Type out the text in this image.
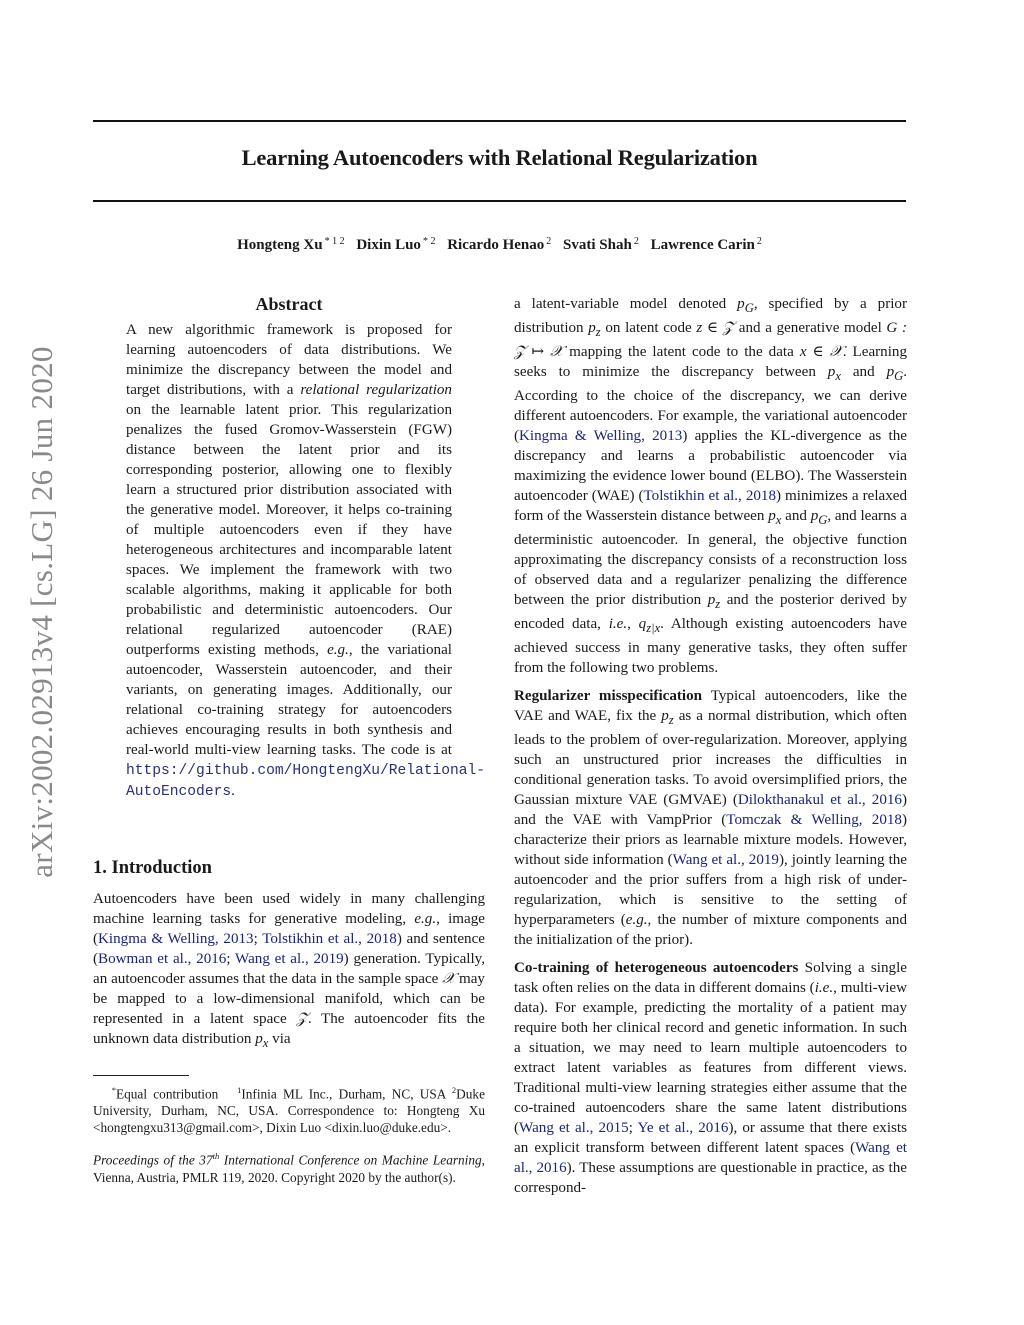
Learning Autoencoders with Relational Regularization
Hongteng Xu $^{* 1 2}$ Dixin Luo $^{* 2}$ Ricardo Henao $^2$ Svati Shah $^2$ Lawrence Carin $^2$
arXiv:2002.02913v4 [cs.LG] 26 Jun 2020
Abstract

A new algorithmic framework is proposed for learning autoencoders of data distributions. We minimize the discrepancy between the model and target distributions, with a relational regularization on the learnable latent prior. This regularization penalizes the fused Gromov-Wasserstein (FGW) distance between the latent prior and its corresponding posterior, allowing one to flexibly learn a structured prior distribution associated with the generative model. Moreover, it helps co-training of multiple autoencoders even if they have heterogeneous architectures and incomparable latent spaces. We implement the framework with two scalable algorithms, making it applicable for both probabilistic and deterministic autoencoders. Our relational regularized autoencoder (RAE) outperforms existing methods, e.g., the variational autoencoder, Wasserstein autoencoder, and their variants, on generating images. Additionally, our relational co-training strategy for autoencoders achieves encouraging results in both synthesis and real-world multi-view learning tasks. The code is at https://github.com/HongtengXu/Relational-AutoEncoders.

1. Introduction

Autoencoders have been used widely in many challenging machine learning tasks for generative modeling, e.g., image (Kingma & Welling, 2013; Tolstikhin et al., 2018) and sentence (Bowman et al., 2016; Wang et al., 2019) generation. Typically, an autoencoder assumes that the data in the sample space 𝒳 may be mapped to a low-dimensional manifold, which can be represented in a latent space 𝒵. The autoencoder fits the unknown data distribution $p_x$ via

*Equal contribution $^1$Infinia ML Inc., Durham, NC, USA $^2$Duke University, Durham, NC, USA. Correspondence to: Hongteng Xu <hongtengxu313@gmail.com>, Dixin Luo <dixin.luo@duke.edu>.
Proceedings of the 37th International Conference on Machine Learning, Vienna, Austria, PMLR 119, 2020. Copyright 2020 by the author(s).

a latent-variable model denoted $p_G$, specified by a prior distribution $p_z$ on latent code z ∈ 𝒵 and a generative model G : 𝒵 ↦ 𝒳 mapping the latent code to the data x ∈ 𝒳. Learning seeks to minimize the discrepancy between $p_x$ and $p_G$. According to the choice of the discrepancy, we can derive different autoencoders. For example, the variational autoencoder (Kingma & Welling, 2013) applies the KL-divergence as the discrepancy and learns a probabilistic autoencoder via maximizing the evidence lower bound (ELBO). The Wasserstein autoencoder (WAE) (Tolstikhin et al., 2018) minimizes a relaxed form of the Wasserstein distance between $p_x$ and $p_G$, and learns a deterministic autoencoder. In general, the objective function approximating the discrepancy consists of a reconstruction loss of observed data and a regularizer penalizing the difference between the prior distribution $p_z$ and the posterior derived by encoded data, i.e., $q_{z|x}$. Although existing autoencoders have achieved success in many generative tasks, they often suffer from the following two problems.

Regularizer misspecification Typical autoencoders, like the VAE and WAE, fix the $p_z$ as a normal distribution, which often leads to the problem of over-regularization. Moreover, applying such an unstructured prior increases the difficulties in conditional generation tasks. To avoid oversimplified priors, the Gaussian mixture VAE (GMVAE) (Dilokthanakul et al., 2016) and the VAE with VampPrior (Tomczak & Welling, 2018) characterize their priors as learnable mixture models. However, without side information (Wang et al., 2019), jointly learning the autoencoder and the prior suffers from a high risk of under-regularization, which is sensitive to the setting of hyperparameters (e.g., the number of mixture components and the initialization of the prior).

Co-training of heterogeneous autoencoders Solving a single task often relies on the data in different domains (i.e., multi-view data). For example, predicting the mortality of a patient may require both her clinical record and genetic information. In such a situation, we may need to learn multiple autoencoders to extract latent variables as features from different views. Traditional multi-view learning strategies either assume that the co-trained autoencoders share the same latent distributions (Wang et al., 2015; Ye et al., 2016), or assume that there exists an explicit transform between different latent spaces (Wang et al., 2016). These assumptions are questionable in practice, as the correspond-
